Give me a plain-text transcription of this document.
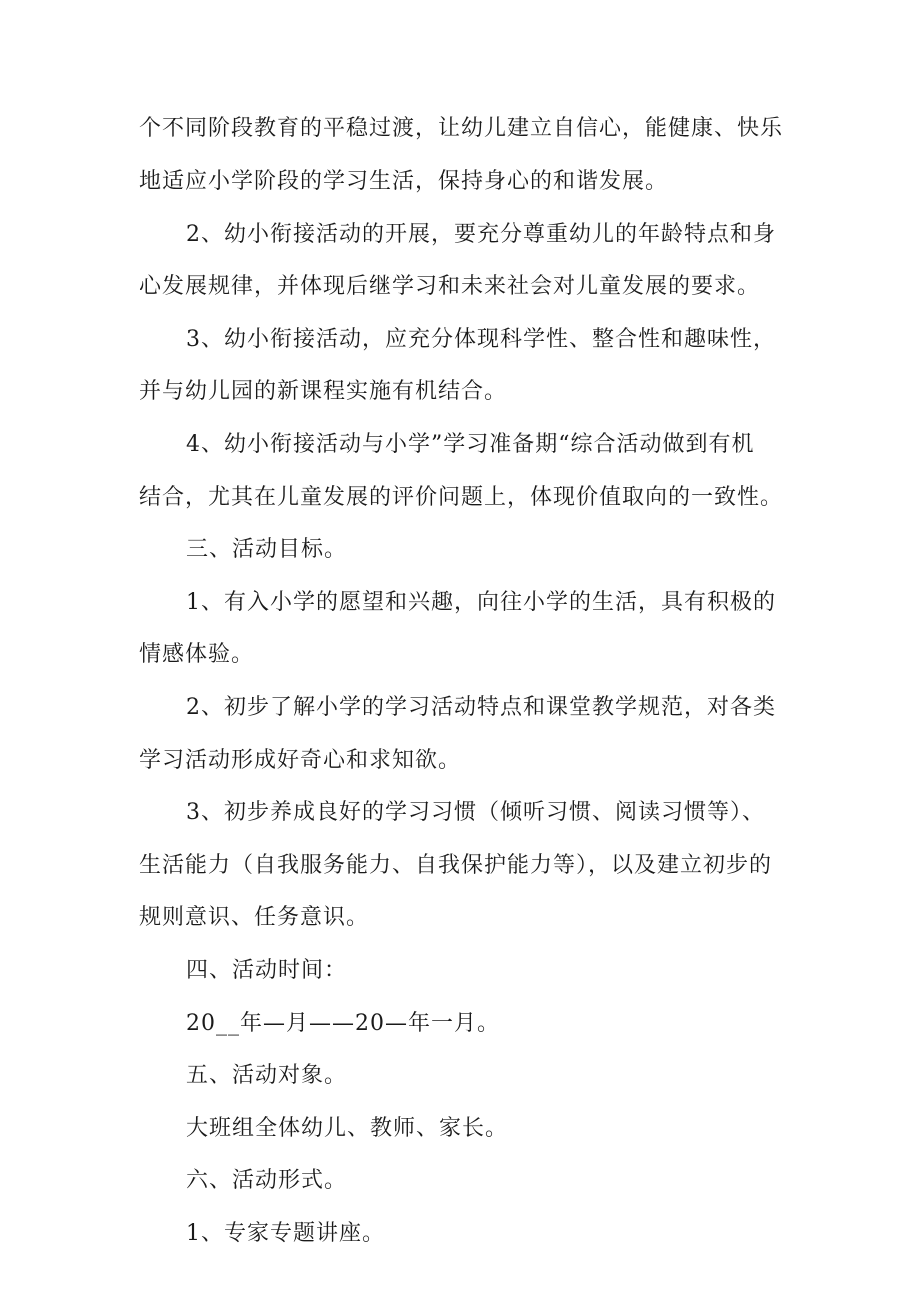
个不同阶段教育的平稳过渡，让幼儿建立自信心，能健康、快乐
地适应小学阶段的学习生活，保持身心的和谐发展。
2、幼小衔接活动的开展，要充分尊重幼儿的年龄特点和身
心发展规律，并体现后继学习和未来社会对儿童发展的要求。
3、幼小衔接活动，应充分体现科学性、整合性和趣味性，
并与幼儿园的新课程实施有机结合。
4、幼小衔接活动与小学”学习准备期“综合活动做到有机
结合，尤其在儿童发展的评价问题上，体现价值取向的一致性。
三、活动目标。
1、有入小学的愿望和兴趣，向往小学的生活，具有积极的
情感体验。
2、初步了解小学的学习活动特点和课堂教学规范，对各类
学习活动形成好奇心和求知欲。
3、初步养成良好的学习习惯（倾听习惯、阅读习惯等）、
生活能力（自我服务能力、自我保护能力等），以及建立初步的
规则意识、任务意识。
四、活动时间：
20__年—月——20—年一月。
五、活动对象。
大班组全体幼儿、教师、家长。
六、活动形式。
1、专家专题讲座。
